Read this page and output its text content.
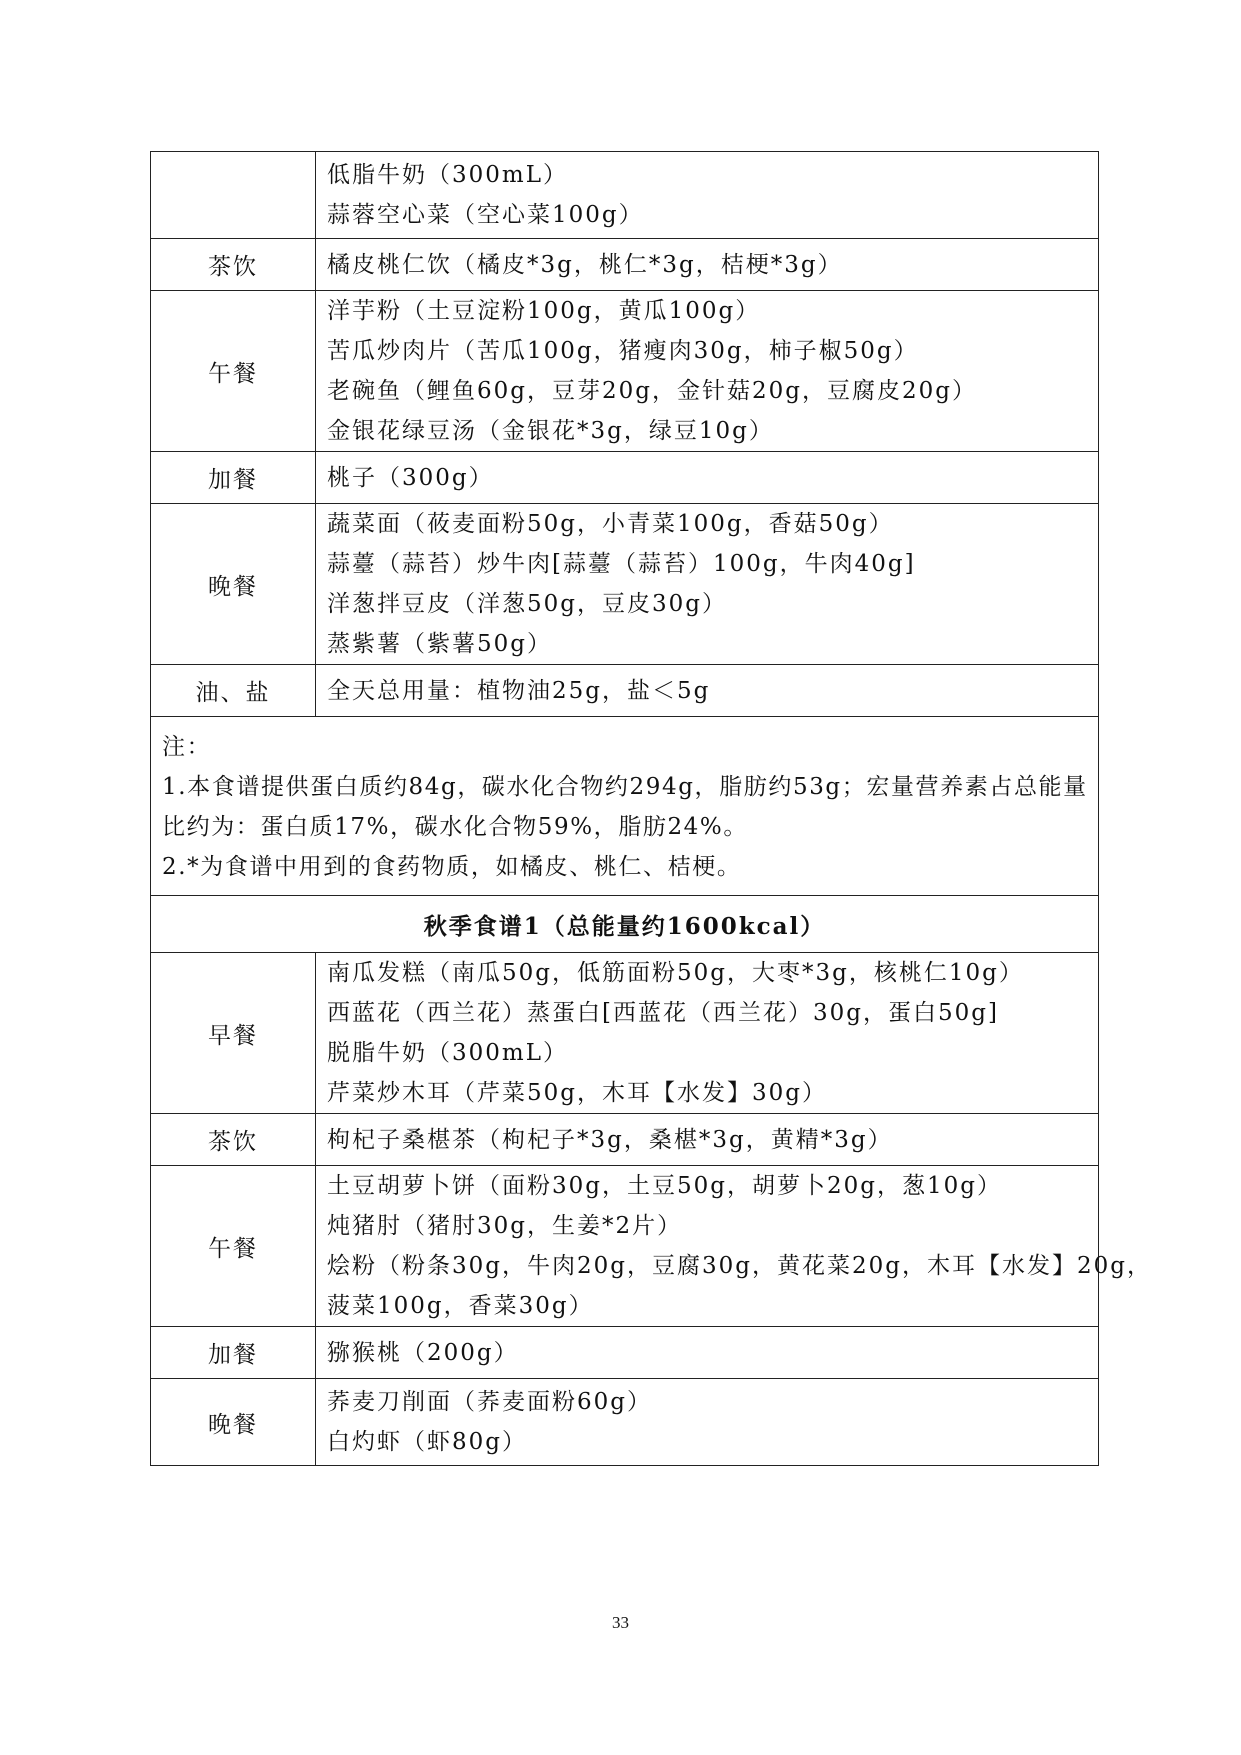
	低脂牛奶（300mL）
蒜蓉空心菜（空心菜100g）

茶饮	橘皮桃仁饮（橘皮*3g，桃仁*3g，桔梗*3g）

午餐	洋芋粉（土豆淀粉100g，黄瓜100g）
苦瓜炒肉片（苦瓜100g，猪瘦肉30g，柿子椒50g）
老碗鱼（鲤鱼60g，豆芽20g，金针菇20g，豆腐皮20g）
金银花绿豆汤（金银花*3g，绿豆10g）

加餐	桃子（300g）

晚餐	蔬菜面（莜麦面粉50g，小青菜100g，香菇50g）
蒜薹（蒜苔）炒牛肉[蒜薹（蒜苔）100g，牛肉40g]
洋葱拌豆皮（洋葱50g，豆皮30g）
蒸紫薯（紫薯50g）

油、盐	全天总用量：植物油25g，盐＜5g

注：
1.本食谱提供蛋白质约84g，碳水化合物约294g，脂肪约53g；宏量营养素占总能量
比约为：蛋白质17%，碳水化合物59%，脂肪24%。
2.*为食谱中用到的食药物质，如橘皮、桃仁、桔梗。	

秋季食谱1（总能量约1600kcal）	
早餐	南瓜发糕（南瓜50g，低筋面粉50g，大枣*3g，核桃仁10g）
西蓝花（西兰花）蒸蛋白[西蓝花（西兰花）30g，蛋白50g]
脱脂牛奶（300mL）
芹菜炒木耳（芹菜50g，木耳【水发】30g）

茶饮	枸杞子桑椹茶（枸杞子*3g，桑椹*3g，黄精*3g）

午餐	土豆胡萝卜饼（面粉30g，土豆50g，胡萝卜20g，葱10g）
炖猪肘（猪肘30g，生姜*2片）
烩粉（粉条30g，牛肉20g，豆腐30g，黄花菜20g，木耳【水发】20g，
菠菜100g，香菜30g）

加餐	猕猴桃（200g）

晚餐	荞麦刀削面（荞麦面粉60g）
白灼虾（虾80g）
33
